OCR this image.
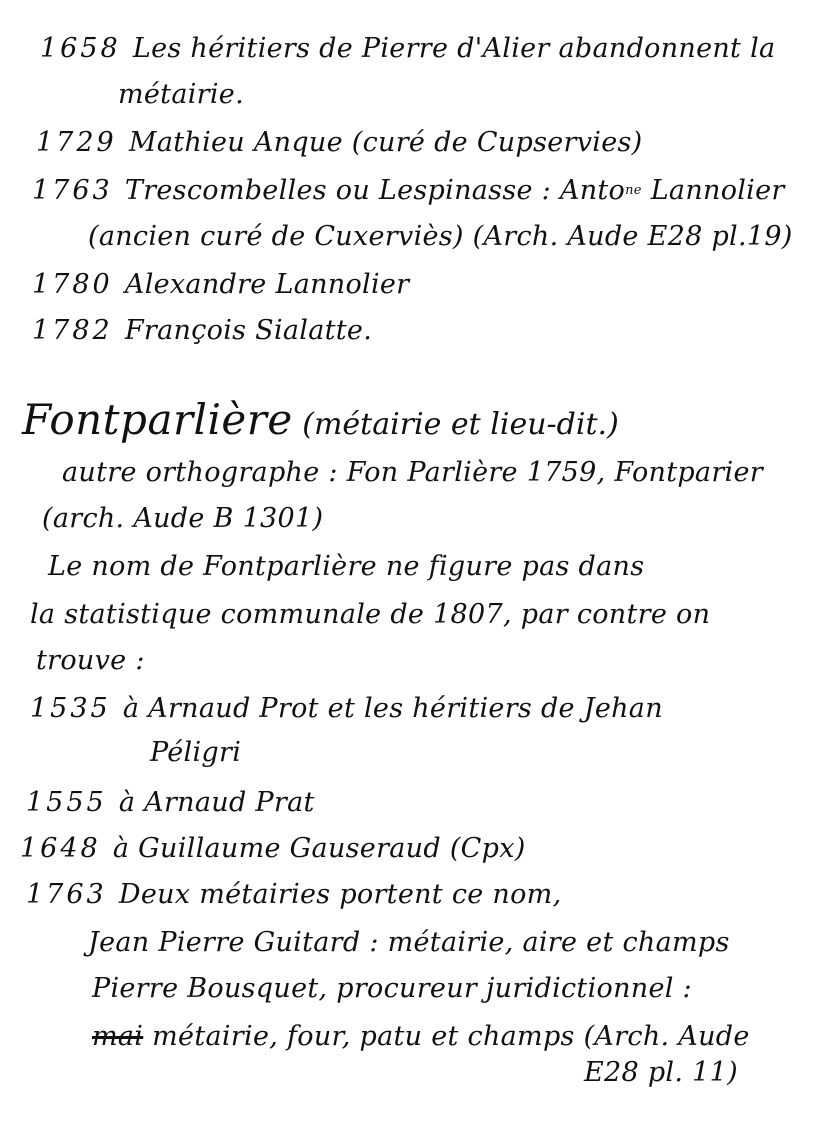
1658 Les héritiers de Pierre d'Alier abandonnent la
métairie.
1729 Mathieu Anque (curé de Cupservies)
1763 Trescombelles ou Lespinasse : Anto$^{ne}$ Lannolier
(ancien curé de Cuxerviès) (Arch. Aude E28 pl.19)
1780 Alexandre Lannolier
1782 François Sialatte.
Fontparlière (métairie et lieu-dit.)
autre orthographe : Fon Parlière 1759, Fontparier
(arch. Aude B 1301)
Le nom de Fontparlière ne figure pas dans
la statistique communale de 1807, par contre on
trouve :
1535 à Arnaud Prot et les héritiers de Jehan
Péligri
1555 à Arnaud Prat
1648 à Guillaume Gauseraud (Cpx)
1763 Deux métairies portent ce nom,
Jean Pierre Guitard : métairie, aire et champs
Pierre Bousquet, procureur juridictionnel :
mai métairie, four, patu et champs (Arch. Aude
E28 pl. 11)
